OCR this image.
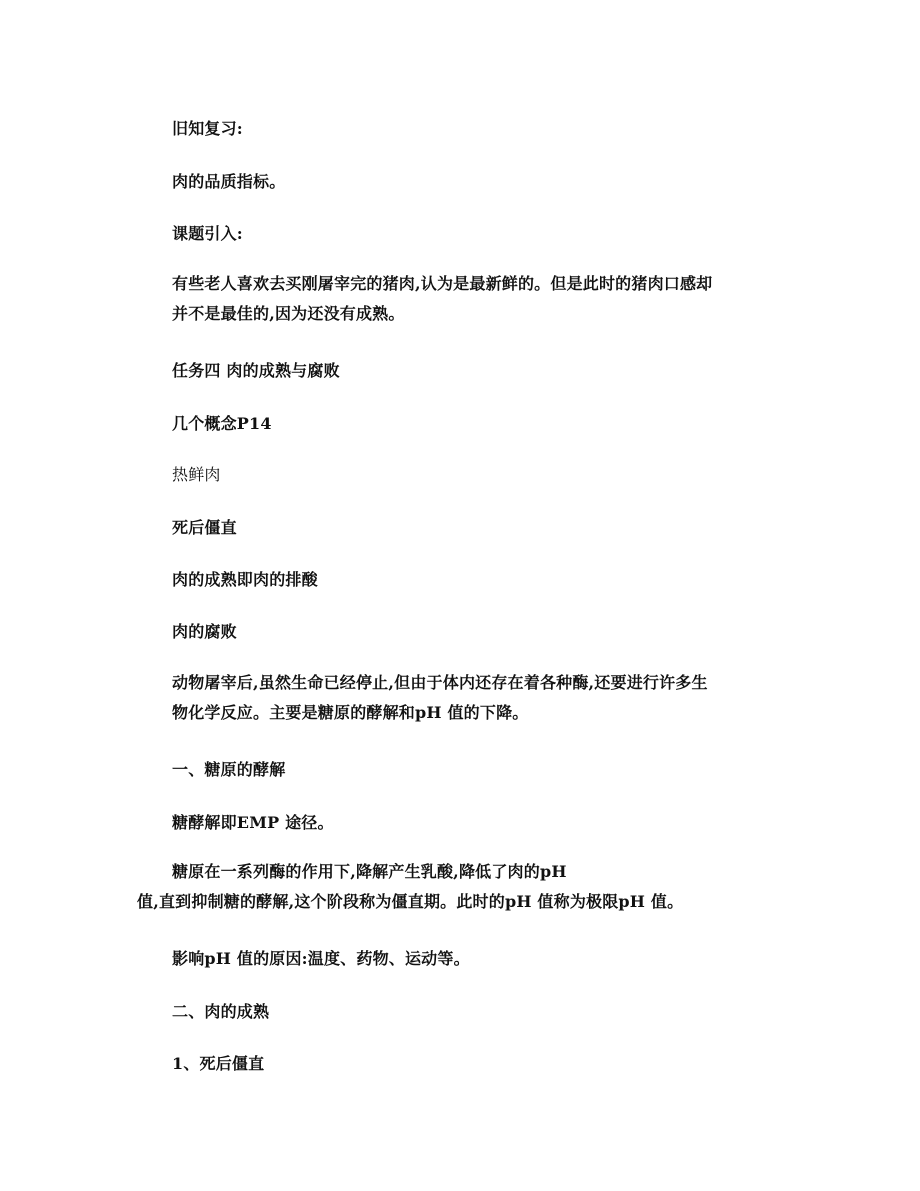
旧知复习:

肉的品质指标。

课题引入:

有些老人喜欢去买刚屠宰完的猪肉,认为是最新鲜的。但是此时的猪肉口感却
并不是最佳的,因为还没有成熟。

任务四 肉的成熟与腐败

几个概念P14

热鲜肉

死后僵直

肉的成熟即肉的排酸

肉的腐败

动物屠宰后,虽然生命已经停止,但由于体内还存在着各种酶,还要进行许多生
物化学反应。主要是糖原的酵解和pH 值的下降。

一、糖原的酵解

糖酵解即EMP 途径。

糖原在一系列酶的作用下,降解产生乳酸,降低了肉的pH
值,直到抑制糖的酵解,这个阶段称为僵直期。此时的pH 值称为极限pH 值。

影响pH 值的原因:温度、药物、运动等。

二、肉的成熟

1、死后僵直
